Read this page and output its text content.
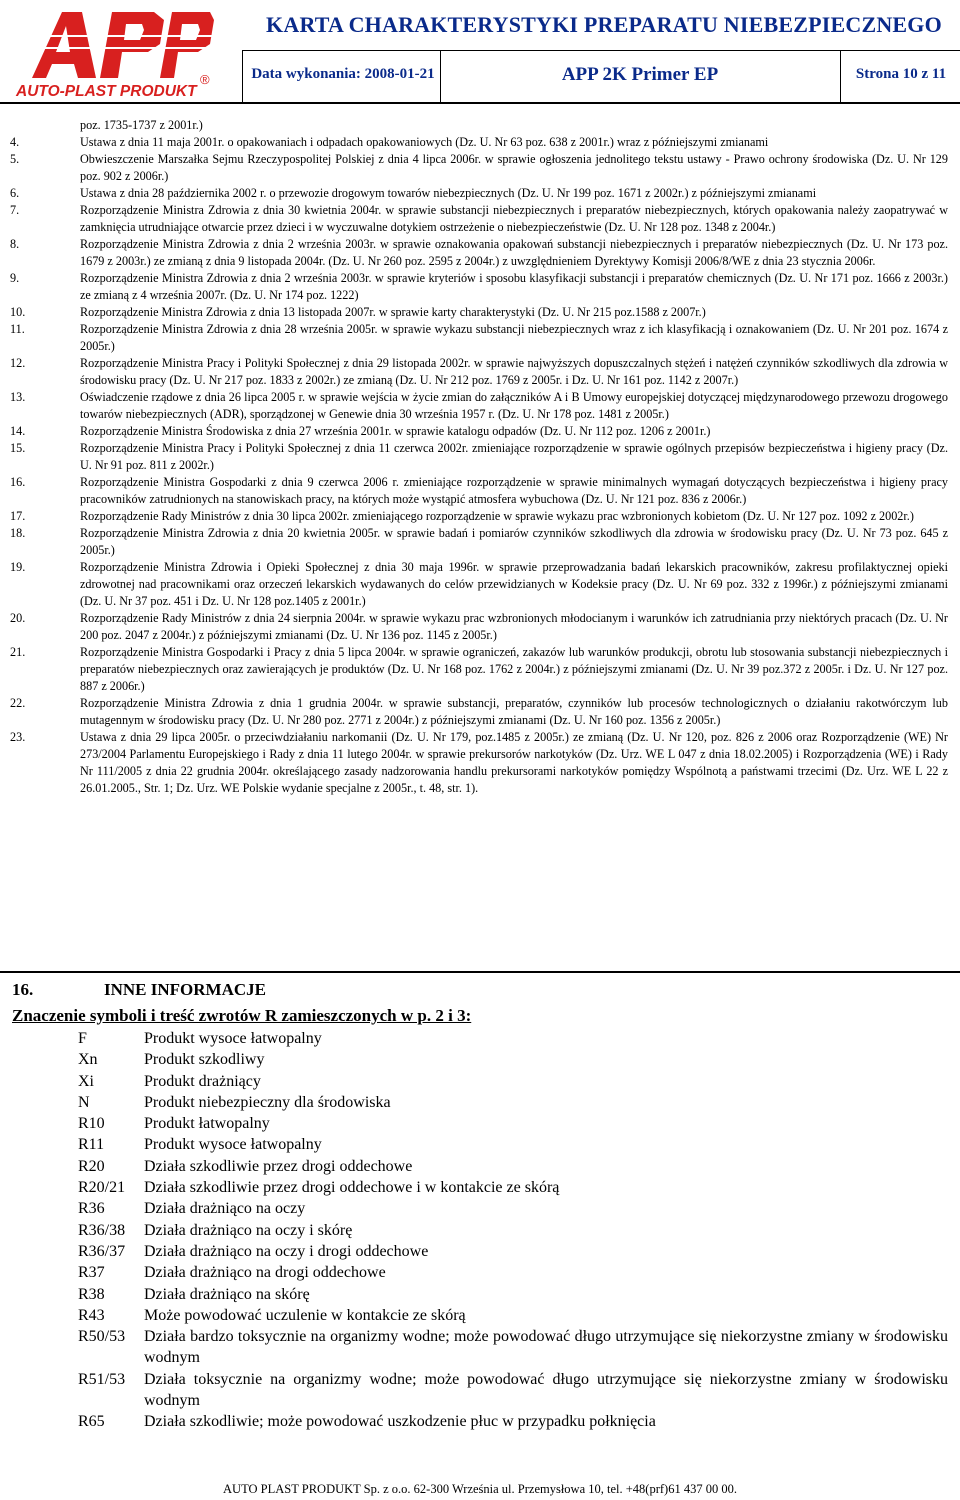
AUTO-PLAST PRODUKT
®
KARTA CHARAKTERYSTYKI PREPARATU NIEBEZPIECZNEGO
Data wykonania: 2008-01-21	APP 2K Primer EP	Strona 10 z 11
poz. 1735-1737 z 2001r.)
4.	Ustawa z dnia 11 maja 2001r. o opakowaniach i odpadach opakowaniowych (Dz. U. Nr 63 poz. 638 z 2001r.) wraz z późniejszymi zmianami
5.	Obwieszczenie Marszałka Sejmu Rzeczypospolitej Polskiej z dnia 4 lipca 2006r. w sprawie ogłoszenia jednolitego tekstu ustawy - Prawo ochrony środowiska (Dz. U. Nr 129 poz. 902 z 2006r.)
6.	Ustawa z dnia 28 października 2002 r. o przewozie drogowym towarów niebezpiecznych (Dz. U. Nr 199 poz. 1671 z 2002r.) z późniejszymi zmianami
7.	Rozporządzenie Ministra Zdrowia z dnia 30 kwietnia 2004r. w sprawie substancji niebezpiecznych i preparatów niebezpiecznych, których opakowania należy zaopatrywać w zamknięcia utrudniające otwarcie przez dzieci i w wyczuwalne dotykiem ostrzeżenie o niebezpieczeństwie (Dz. U. Nr 128 poz. 1348 z 2004r.)
8.	Rozporządzenie Ministra Zdrowia z dnia 2 września 2003r. w sprawie oznakowania opakowań substancji niebezpiecznych i preparatów niebezpiecznych (Dz. U. Nr 173 poz. 1679 z 2003r.) ze zmianą z dnia 9 listopada 2004r. (Dz. U. Nr 260 poz. 2595 z 2004r.) z uwzględnieniem Dyrektywy Komisji 2006/8/WE z dnia 23 stycznia 2006r.
9.	Rozporządzenie Ministra Zdrowia z dnia 2 września 2003r. w sprawie kryteriów i sposobu klasyfikacji substancji i preparatów chemicznych (Dz. U. Nr 171 poz. 1666 z 2003r.) ze zmianą z 4 września 2007r. (Dz. U. Nr 174 poz. 1222)
10.	Rozporządzenie Ministra Zdrowia z dnia 13 listopada 2007r. w sprawie karty charakterystyki (Dz. U. Nr 215 poz.1588 z 2007r.)
11.	Rozporządzenie Ministra Zdrowia z dnia 28 września 2005r. w sprawie wykazu substancji niebezpiecznych wraz z ich klasyfikacją i oznakowaniem (Dz. U. Nr 201 poz. 1674 z 2005r.)
12.	Rozporządzenie Ministra Pracy i Polityki Społecznej z dnia 29 listopada 2002r. w sprawie najwyższych dopuszczalnych stężeń i natężeń czynników szkodliwych dla zdrowia w środowisku pracy (Dz. U. Nr 217 poz. 1833 z 2002r.) ze zmianą (Dz. U. Nr 212 poz. 1769 z 2005r. i Dz. U. Nr 161 poz. 1142 z 2007r.)
13.	Oświadczenie rządowe z dnia 26 lipca 2005 r. w sprawie wejścia w życie zmian do załączników A i B Umowy europejskiej dotyczącej międzynarodowego przewozu drogowego towarów niebezpiecznych (ADR), sporządzonej w Genewie dnia 30 września 1957 r. (Dz. U. Nr 178 poz. 1481 z 2005r.)
14.	Rozporządzenie Ministra Środowiska z dnia 27 września 2001r. w sprawie katalogu odpadów (Dz. U. Nr 112 poz. 1206 z 2001r.)
15.	Rozporządzenie Ministra Pracy i Polityki Społecznej z dnia 11 czerwca 2002r. zmieniające rozporządzenie w sprawie ogólnych przepisów bezpieczeństwa i higieny pracy (Dz. U. Nr 91 poz. 811 z 2002r.)
16.	Rozporządzenie Ministra Gospodarki z dnia 9 czerwca 2006 r. zmieniające rozporządzenie w sprawie minimalnych wymagań dotyczących bezpieczeństwa i higieny pracy pracowników zatrudnionych na stanowiskach pracy, na których może wystąpić atmosfera wybuchowa (Dz. U. Nr 121 poz. 836 z 2006r.)
17.	Rozporządzenie Rady Ministrów z dnia 30 lipca 2002r. zmieniającego rozporządzenie w sprawie wykazu prac wzbronionych kobietom (Dz. U. Nr 127 poz. 1092 z 2002r.)
18.	Rozporządzenie Ministra Zdrowia z dnia 20 kwietnia 2005r. w sprawie badań i pomiarów czynników szkodliwych dla zdrowia w środowisku pracy (Dz. U. Nr 73 poz. 645 z 2005r.)
19.	Rozporządzenie Ministra Zdrowia i Opieki Społecznej z dnia 30 maja 1996r. w sprawie przeprowadzania badań lekarskich pracowników, zakresu profilaktycznej opieki zdrowotnej nad pracownikami oraz orzeczeń lekarskich wydawanych do celów przewidzianych w Kodeksie pracy (Dz. U. Nr 69 poz. 332 z 1996r.) z późniejszymi zmianami (Dz. U. Nr 37 poz. 451 i Dz. U. Nr 128 poz.1405 z 2001r.)
20.	Rozporządzenie Rady Ministrów z dnia 24 sierpnia 2004r. w sprawie wykazu prac wzbronionych młodocianym i warunków ich zatrudniania przy niektórych pracach (Dz. U. Nr 200 poz. 2047 z 2004r.) z późniejszymi zmianami (Dz. U. Nr 136 poz. 1145 z 2005r.)
21.	Rozporządzenie Ministra Gospodarki i Pracy z dnia 5 lipca 2004r. w sprawie ograniczeń, zakazów lub warunków produkcji, obrotu lub stosowania substancji niebezpiecznych i preparatów niebezpiecznych oraz zawierających je produktów (Dz. U. Nr 168 poz. 1762 z 2004r.) z późniejszymi zmianami (Dz. U. Nr 39 poz.372 z 2005r. i Dz. U. Nr 127 poz. 887 z 2006r.)
22.	Rozporządzenie Ministra Zdrowia z dnia 1 grudnia 2004r. w sprawie substancji, preparatów, czynników lub procesów technologicznych o działaniu rakotwórczym lub mutagennym w środowisku pracy (Dz. U. Nr 280 poz. 2771 z 2004r.) z późniejszymi zmianami (Dz. U. Nr 160 poz. 1356 z 2005r.)
23.	Ustawa z dnia 29 lipca 2005r. o przeciwdziałaniu narkomanii (Dz. U. Nr 179, poz.1485 z 2005r.) ze zmianą (Dz. U. Nr 120, poz. 826 z 2006 oraz Rozporządzenie (WE) Nr 273/2004 Parlamentu Europejskiego i Rady z dnia 11 lutego 2004r. w sprawie prekursorów narkotyków (Dz. Urz. WE L 047 z dnia 18.02.2005) i Rozporządzenia (WE) i Rady Nr 111/2005 z dnia 22 grudnia 2004r. określającego zasady nadzorowania handlu prekursorami narkotyków pomiędzy Wspólnotą a państwami trzecimi (Dz. Urz. WE L 22 z 26.01.2005., Str. 1; Dz. Urz. WE Polskie wydanie specjalne z 2005r., t. 48, str. 1).
16.	INNE INFORMACJE
Znaczenie symboli i treść zwrotów R zamieszczonych w p. 2 i 3:
F	Produkt wysoce łatwopalny
Xn	Produkt szkodliwy
Xi	Produkt drażniący
N	Produkt niebezpieczny dla środowiska
R10	Produkt łatwopalny
R11	Produkt wysoce łatwopalny
R20	Działa szkodliwie przez drogi oddechowe
R20/21	Działa szkodliwie przez drogi oddechowe i w kontakcie ze skórą
R36	Działa drażniąco na oczy
R36/38	Działa drażniąco na oczy i skórę
R36/37	Działa drażniąco na oczy i drogi oddechowe
R37	Działa drażniąco na drogi oddechowe
R38	Działa drażniąco na skórę
R43	Może powodować uczulenie w kontakcie ze skórą
R50/53	Działa bardzo toksycznie na organizmy wodne; może powodować długo utrzymujące się niekorzystne zmiany w środowisku wodnym
R51/53	Działa toksycznie na organizmy wodne; może powodować długo utrzymujące się niekorzystne zmiany w środowisku wodnym
R65	Działa szkodliwie; może powodować uszkodzenie płuc w przypadku połknięcia
AUTO PLAST PRODUKT Sp. z o.o. 62-300 Września ul. Przemysłowa 10, tel. +48(prf)61 437 00 00.
